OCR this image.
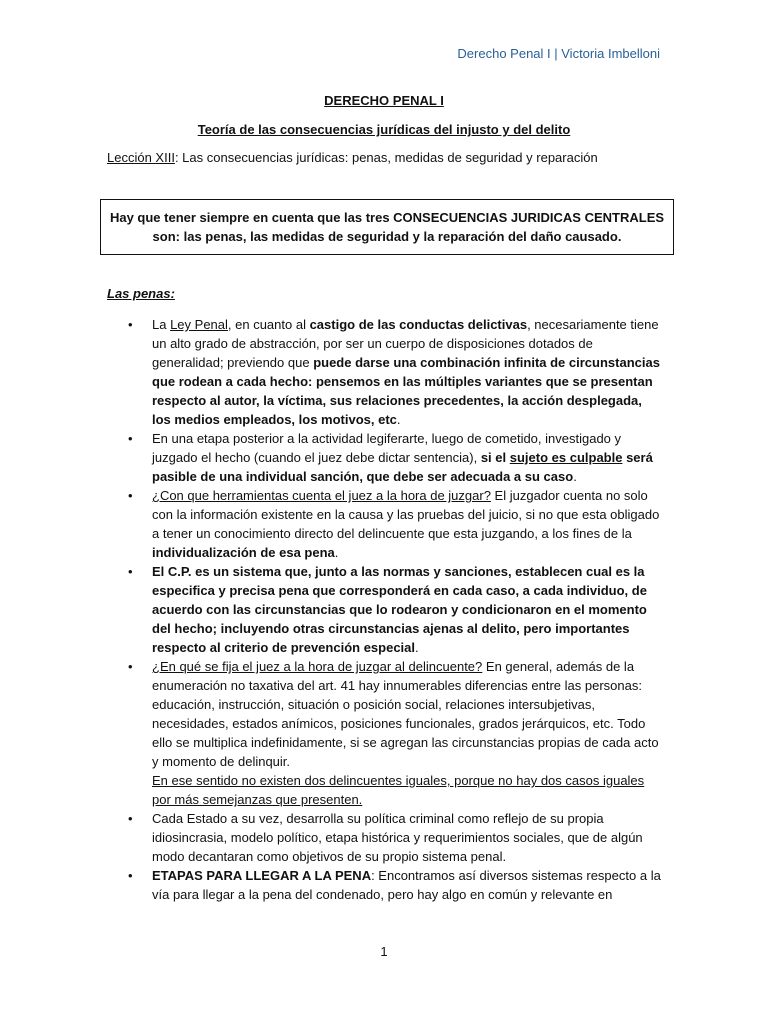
Derecho Penal I | Victoria Imbelloni
DERECHO PENAL I
Teoría de las consecuencias jurídicas del injusto y del delito
Lección XIII: Las consecuencias jurídicas: penas, medidas de seguridad y reparación
Hay que tener siempre en cuenta que las tres CONSECUENCIAS JURIDICAS CENTRALES
son: las penas, las medidas de seguridad y la reparación del daño causado.
Las penas:
• La Ley Penal, en cuanto al castigo de las conductas delictivas, necesariamente tiene un alto grado de abstracción, por ser un cuerpo de disposiciones dotados de generalidad; previendo que puede darse una combinación infinita de circunstancias que rodean a cada hecho: pensemos en las múltiples variantes que se presentan respecto al autor, la víctima, sus relaciones precedentes, la acción desplegada, los medios empleados, los motivos, etc.
• En una etapa posterior a la actividad legiferarte, luego de cometido, investigado y juzgado el hecho (cuando el juez debe dictar sentencia), si el sujeto es culpable será pasible de una individual sanción, que debe ser adecuada a su caso.
• ¿Con que herramientas cuenta el juez a la hora de juzgar? El juzgador cuenta no solo con la información existente en la causa y las pruebas del juicio, si no que esta obligado a tener un conocimiento directo del delincuente que esta juzgando, a los fines de la individualización de esa pena.
• El C.P. es un sistema que, junto a las normas y sanciones, establecen cual es la especifica y precisa pena que corresponderá en cada caso, a cada individuo, de acuerdo con las circunstancias que lo rodearon y condicionaron en el momento del hecho; incluyendo otras circunstancias ajenas al delito, pero importantes respecto al criterio de prevención especial.
• ¿En qué se fija el juez a la hora de juzgar al delincuente? En general, además de la enumeración no taxativa del art. 41 hay innumerables diferencias entre las personas: educación, instrucción, situación o posición social, relaciones intersubjetivas, necesidades, estados anímicos, posiciones funcionales, grados jerárquicos, etc. Todo ello se multiplica indefinidamente, si se agregan las circunstancias propias de cada acto y momento de delinquir.
En ese sentido no existen dos delincuentes iguales, porque no hay dos casos iguales por más semejanzas que presenten.
• Cada Estado a su vez, desarrolla su política criminal como reflejo de su propia idiosincrasia, modelo político, etapa histórica y requerimientos sociales, que de algún modo decantaran como objetivos de su propio sistema penal.
• ETAPAS PARA LLEGAR A LA PENA: Encontramos así diversos sistemas respecto a la vía para llegar a la pena del condenado, pero hay algo en común y relevante en
1
